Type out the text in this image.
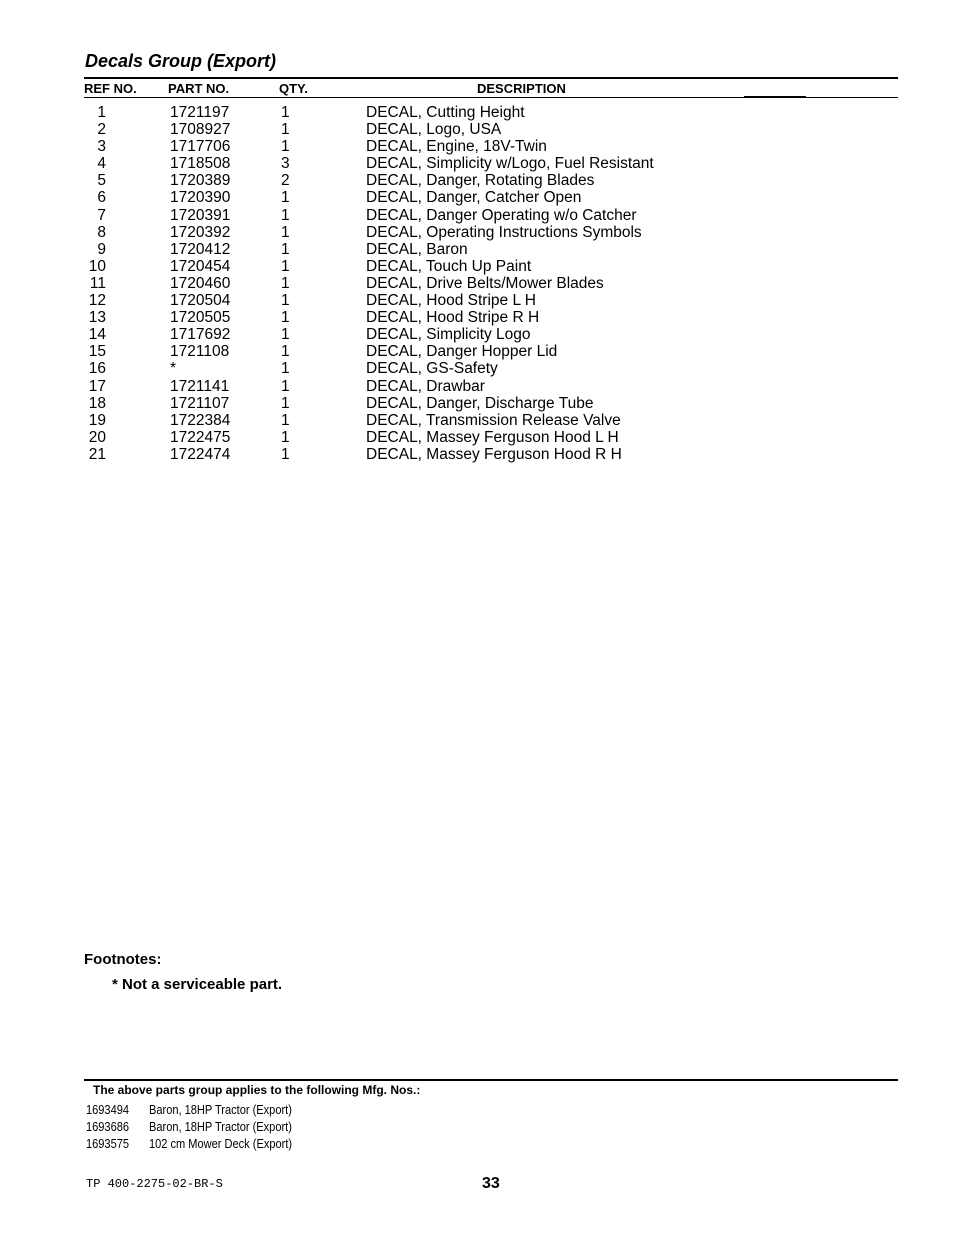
Decals Group (Export)
REF NO. PART NO.	QTY.	DESCRIPTION
1	1721197	1	DECAL, Cutting Height
2	1708927	1	DECAL, Logo, USA
3	1717706	1	DECAL, Engine, 18V-Twin
4	1718508	3	DECAL, Simplicity w/Logo, Fuel Resistant
5	1720389	2	DECAL, Danger, Rotating Blades
6	1720390	1	DECAL, Danger, Catcher Open
7	1720391	1	DECAL, Danger Operating w/o Catcher
8	1720392	1	DECAL, Operating Instructions Symbols
9	1720412	1	DECAL, Baron
10	1720454	1	DECAL, Touch Up Paint
11	1720460	1	DECAL, Drive Belts/Mower Blades
12	1720504	1	DECAL, Hood Stripe L H
13	1720505	1	DECAL, Hood Stripe R H
14	1717692	1	DECAL, Simplicity Logo
15	1721108	1	DECAL, Danger Hopper Lid
16	*	1	DECAL, GS-Safety
17	1721141	1	DECAL, Drawbar
18	1721107	1	DECAL, Danger, Discharge Tube
19	1722384	1	DECAL, Transmission Release Valve
20	1722475	1	DECAL, Massey Ferguson Hood L H
21	1722474	1	DECAL, Massey Ferguson Hood R H
Footnotes:
* Not a serviceable part.
The above parts group applies to the following Mfg. Nos.:
1693494 Baron, 18HP Tractor (Export)
1693686 Baron, 18HP Tractor (Export)
1693575 102 cm Mower Deck (Export)
TP 400-2275-02-BR-S	33
